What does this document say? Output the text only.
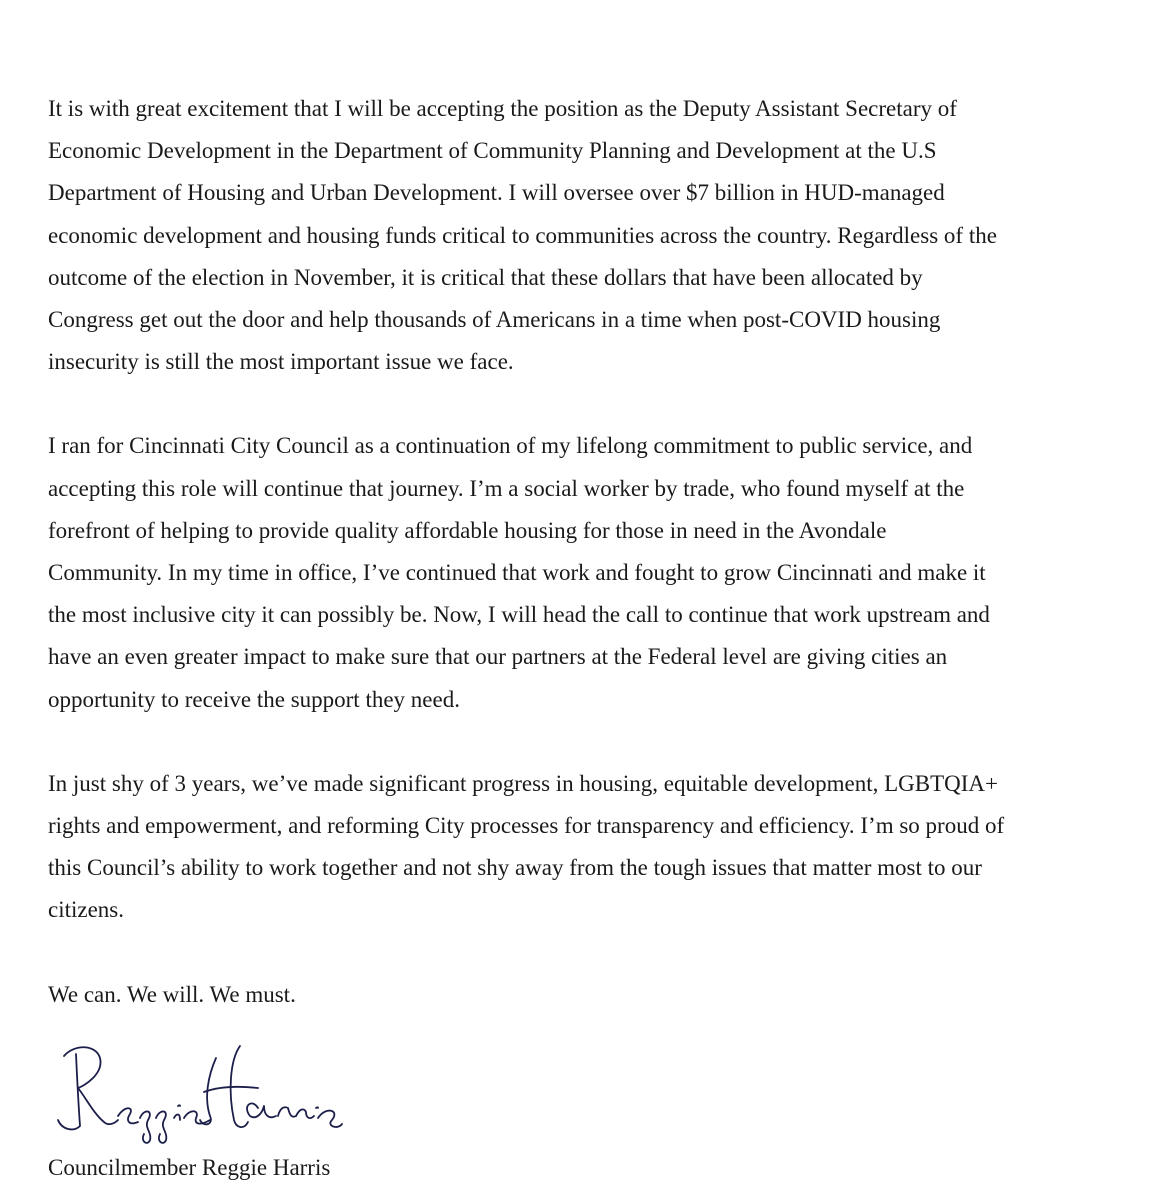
It is with great excitement that I will be accepting the position as the Deputy Assistant Secretary of
Economic Development in the Department of Community Planning and Development at the U.S
Department of Housing and Urban Development. I will oversee over $7 billion in HUD-managed
economic development and housing funds critical to communities across the country. Regardless of the
outcome of the election in November, it is critical that these dollars that have been allocated by
Congress get out the door and help thousands of Americans in a time when post-COVID housing
insecurity is still the most important issue we face.
I ran for Cincinnati City Council as a continuation of my lifelong commitment to public service, and
accepting this role will continue that journey. I’m a social worker by trade, who found myself at the
forefront of helping to provide quality affordable housing for those in need in the Avondale
Community. In my time in office, I’ve continued that work and fought to grow Cincinnati and make it
the most inclusive city it can possibly be. Now, I will head the call to continue that work upstream and
have an even greater impact to make sure that our partners at the Federal level are giving cities an
opportunity to receive the support they need.
In just shy of 3 years, we’ve made significant progress in housing, equitable development, LGBTQIA+
rights and empowerment, and reforming City processes for transparency and efficiency. I’m so proud of
this Council’s ability to work together and not shy away from the tough issues that matter most to our
citizens.

We can. We will. We must.

Councilmember Reggie Harris
